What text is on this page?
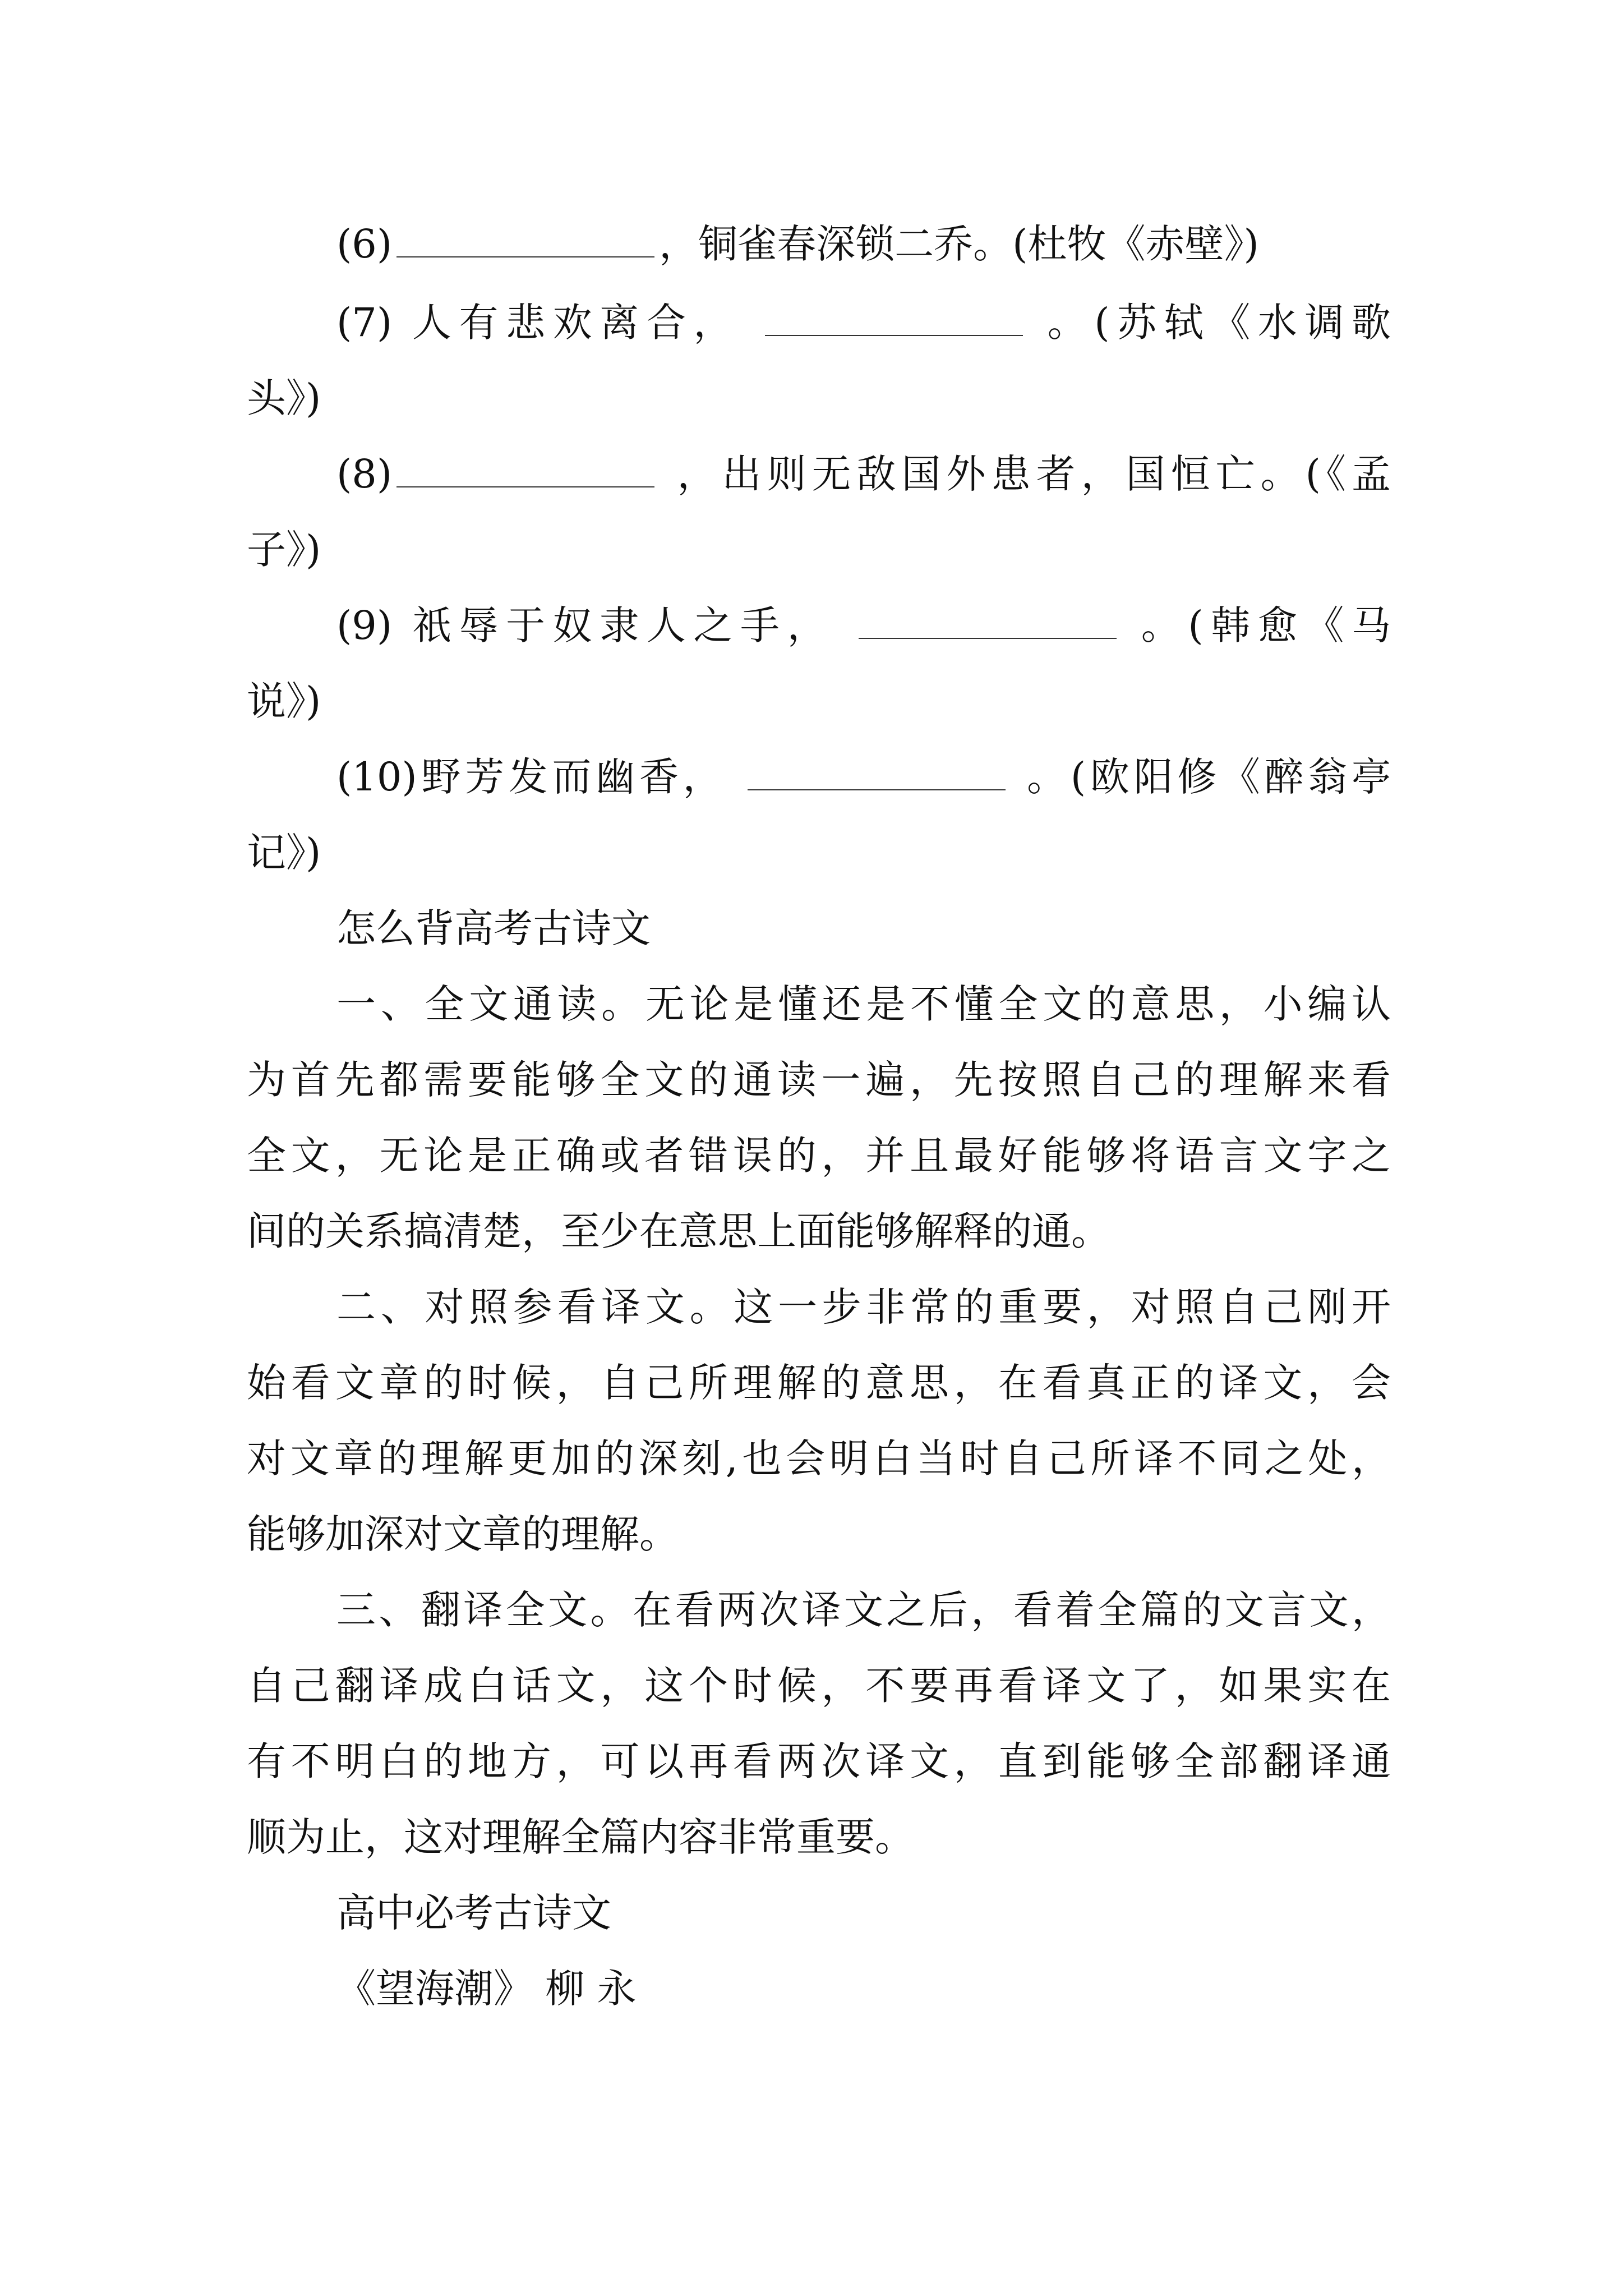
(6)	，铜雀春深锁二乔。(杜牧《赤壁》)
(7) 人有悲欢离合，	。(苏轼《水调歌
头》)
(8)	，出则无敌国外患者，国恒亡。(《孟
子》)
(9) 祇辱于奴隶人之手，	。(韩愈《马
说》)
(10)野芳发而幽香，	。(欧阳修《醉翁亭
记》)
怎么背高考古诗文
一、全文通读。无论是懂还是不懂全文的意思，小编认
为首先都需要能够全文的通读一遍，先按照自己的理解来看
全文，无论是正确或者错误的，并且最好能够将语言文字之
间的关系搞清楚，至少在意思上面能够解释的通。
二、对照参看译文。这一步非常的重要，对照自己刚开
始看文章的时候，自己所理解的意思，在看真正的译文，会
对文章的理解更加的深刻,也会明白当时自己所译不同之处，
能够加深对文章的理解。
三、翻译全文。在看两次译文之后，看着全篇的文言文，
自己翻译成白话文，这个时候，不要再看译文了，如果实在
有不明白的地方，可以再看两次译文，直到能够全部翻译通
顺为止，这对理解全篇内容非常重要。
高中必考古诗文
《望海潮》 柳 永
